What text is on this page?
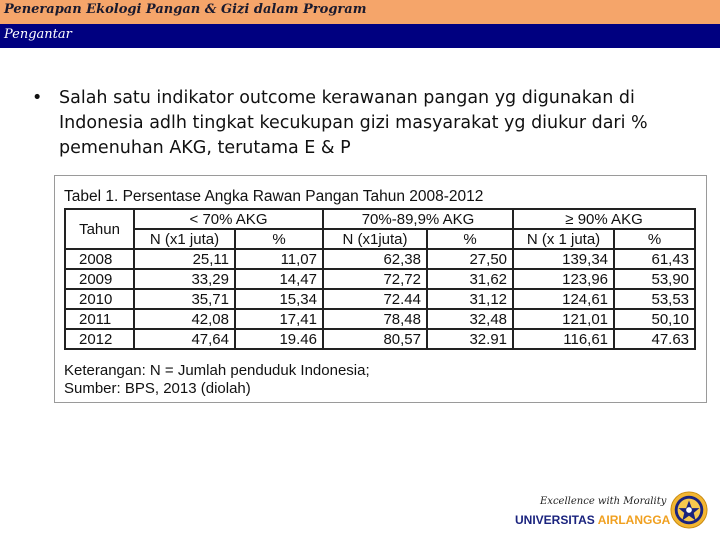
Penerapan Ekologi Pangan & Gizi dalam Program
Pengantar
• Salah satu indikator outcome kerawanan pangan yg digunakan di Indonesia adlh tingkat kecukupan gizi masyarakat yg diukur dari % pemenuhan AKG, terutama E & P
Tabel 1. Persentase Angka Rawan Pangan Tahun 2008-2012
Tahun	< 70% AKG		70%-89,9% AKG		≥ 90% AKG	
	N (x1 juta)	%	N (x1juta)	%	N (x 1 juta)	%
2008	25,11	11,07	62,38	27,50	139,34	61,43
2009	33,29	14,47	72,72	31,62	123,96	53,90
2010	35,71	15,34	72.44	31,12	124,61	53,53
2011	42,08	17,41	78,48	32,48	121,01	50,10
2012	47,64	19.46	80,57	32.91	116,61	47.63
Keterangan: N = Jumlah penduduk Indonesia;
Sumber: BPS, 2013 (diolah)
Excellence with Morality
UNIVERSITAS AIRLANGGA
